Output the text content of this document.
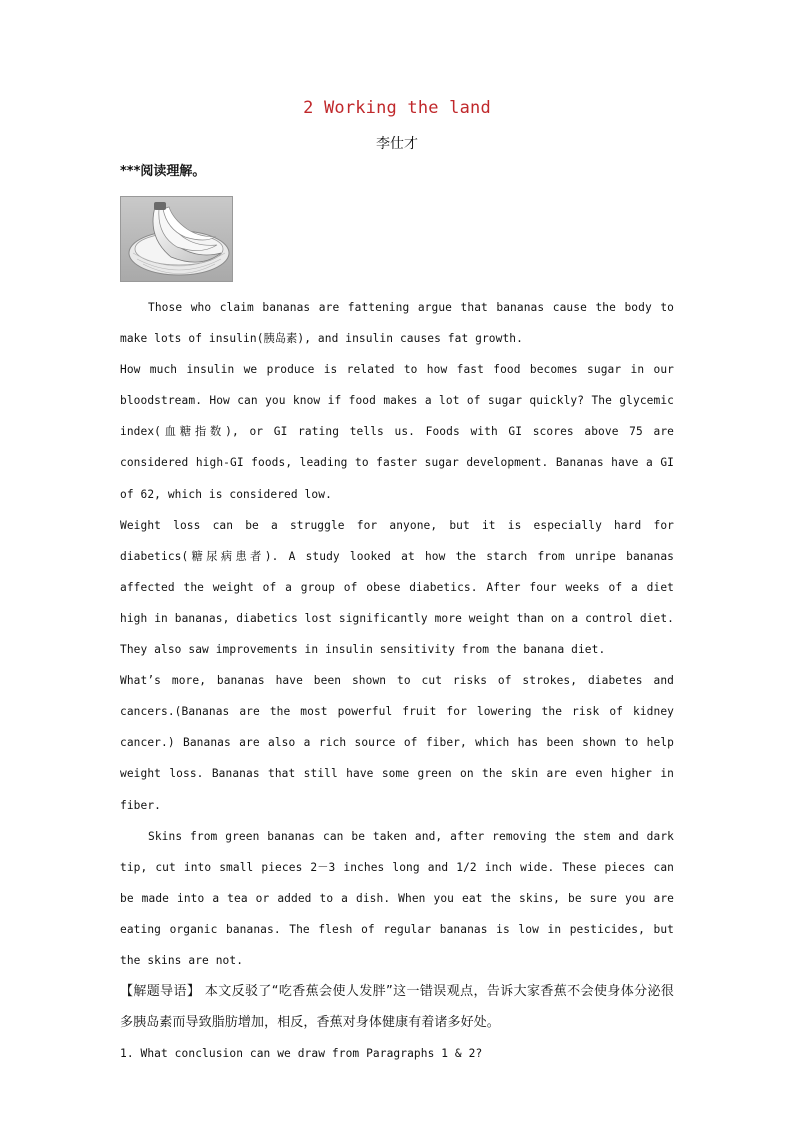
2 Working the land
李仕才
***阅读理解。

Those who claim bananas are fattening argue that bananas cause the body to make lots of insulin(胰岛素), and insulin causes fat growth.

How much insulin we produce is related to how fast food becomes sugar in our bloodstream. How can you know if food makes a lot of sugar quickly? The glycemic index(血糖指数), or GI rating tells us. Foods with GI scores above 75 are considered high-GI foods, leading to faster sugar development. Bananas have a GI of 62, which is considered low.

Weight loss can be a struggle for anyone, but it is especially hard for diabetics(糖尿病患者). A study looked at how the starch from unripe bananas affected the weight of a group of obese diabetics. After four weeks of a diet high in bananas, diabetics lost significantly more weight than on a control diet. They also saw improvements in insulin sensitivity from the banana diet.

What’s more, bananas have been shown to cut risks of strokes, diabetes and cancers.(Bananas are the most powerful fruit for lowering the risk of kidney cancer.) Bananas are also a rich source of fiber, which has been shown to help weight loss. Bananas that still have some green on the skin are even higher in fiber.

Skins from green bananas can be taken and, after removing the stem and dark tip, cut into small pieces 2－3 inches long and 1/2 inch wide. These pieces can be made into a tea or added to a dish. When you eat the skins, be sure you are eating organic bananas. The flesh of regular bananas is low in pesticides, but the skins are not.

【解题导语】 本文反驳了“吃香蕉会使人发胖”这一错误观点，告诉大家香蕉不会使身体分泌很多胰岛素而导致脂肪增加，相反，香蕉对身体健康有着诸多好处。

1. What conclusion can we draw from Paragraphs 1 & 2?
